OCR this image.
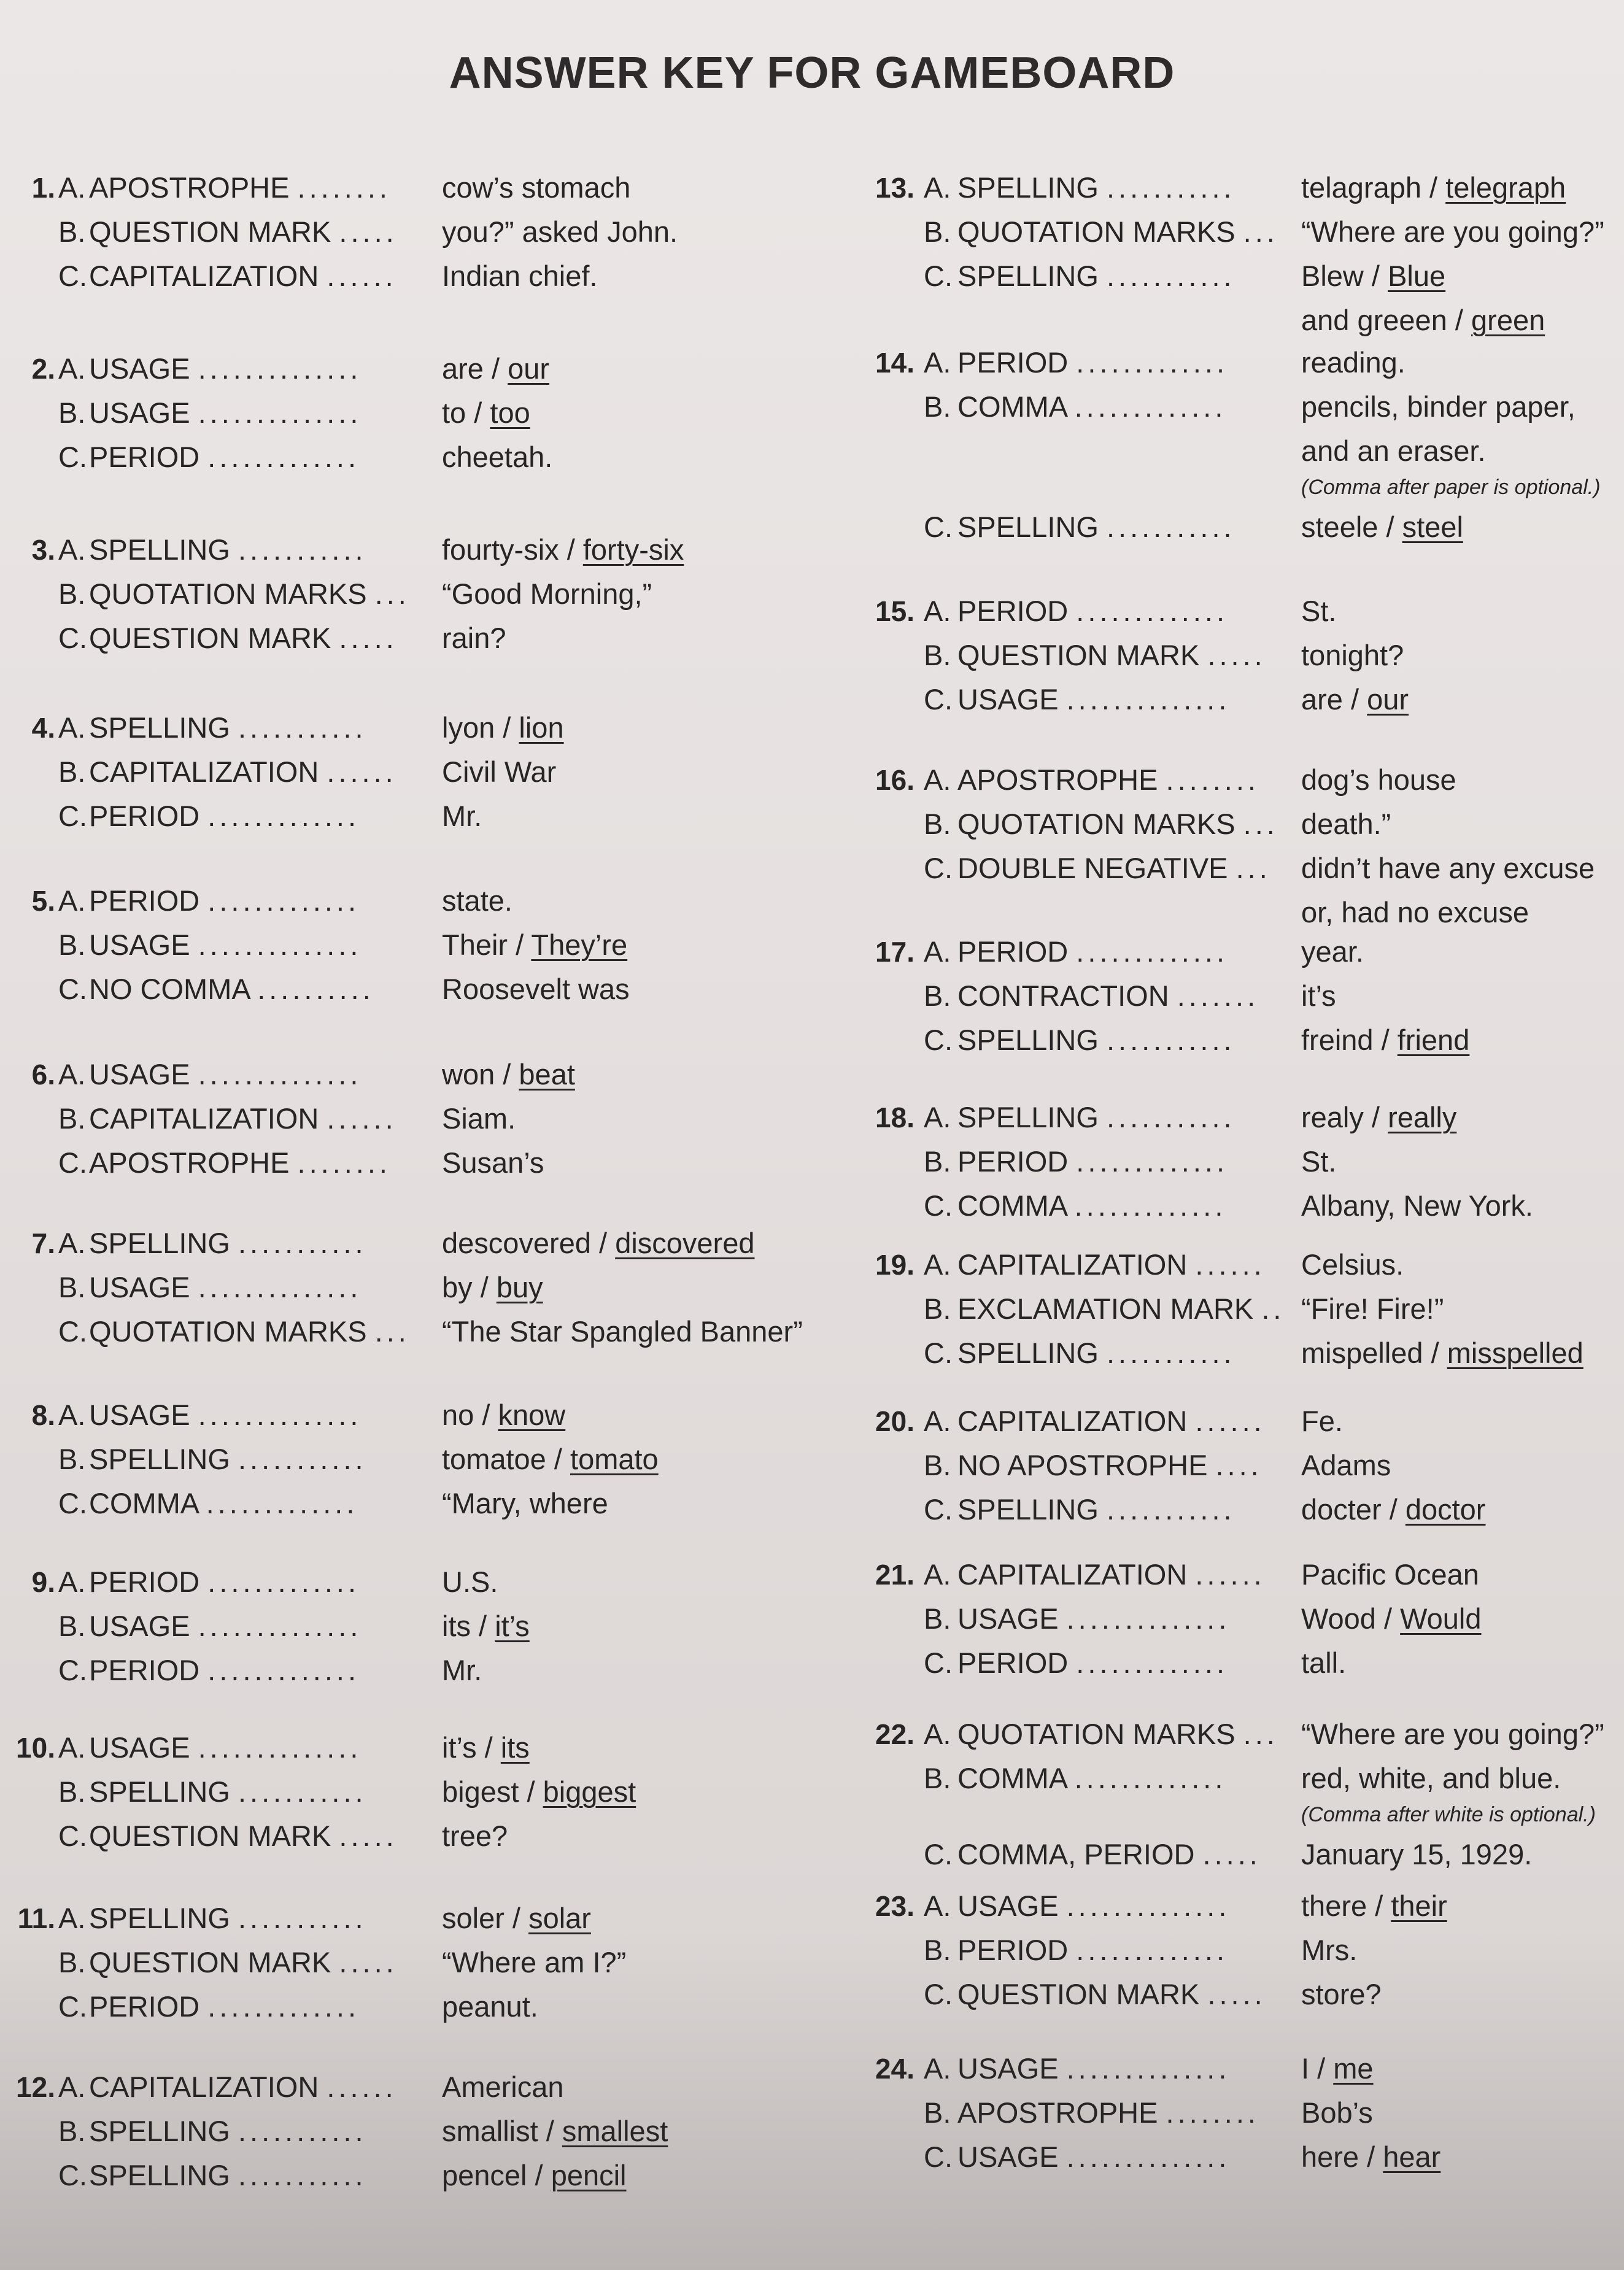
ANSWER KEY FOR GAMEBOARD
1. A. APOSTROPHE ........ cow’s stomach
B. QUESTION MARK ..... you?” asked John.
C. CAPITALIZATION ...... Indian chief.
2. A. USAGE ..............	are / our
B. USAGE ..............	to / too
C. PERIOD .............	cheetah.
3. A. SPELLING ...........	fourty-six / forty-six
B. QUOTATION MARKS ... “Good Morning,”
C. QUESTION MARK ..... rain?
4. A. SPELLING ...........	lyon / lion
B. CAPITALIZATION ...... Civil War
C. PERIOD .............	Mr.
5. A. PERIOD .............	state.
B. USAGE ..............	Their / They’re
C. NO COMMA .......... Roosevelt was
6. A. USAGE ..............	won / beat
B. CAPITALIZATION ...... Siam.
C. APOSTROPHE ........ Susan’s
7. A. SPELLING ...........	descovered / discovered
B. USAGE ..............	by / buy
C. QUOTATION MARKS ... “The Star Spangled Banner”
8. A. USAGE ..............	no / know
B. SPELLING ...........	tomatoe / tomato
C. COMMA .............	“Mary, where
9. A. PERIOD .............	U.S.
B. USAGE ..............	its / it’s
C. PERIOD .............	Mr.
10. A. USAGE ..............	it’s / its
B. SPELLING ...........	bigest / biggest
C. QUESTION MARK ..... tree?
11. A. SPELLING ...........	soler / solar
B. QUESTION MARK ..... “Where am I?”
C. PERIOD .............	peanut.
12. A. CAPITALIZATION ...... American
B. SPELLING ...........	smallist / smallest
C. SPELLING ...........	pencel / pencil
13. A. SPELLING ........... telagraph / telegraph
B. QUOTATION MARKS ... “Where are you going?”
C. SPELLING ........... Blew / Blue
and greeen / green
14. A. PERIOD .............	reading.
B. COMMA .............	pencils, binder paper,
and an eraser.
(Comma after paper is optional.)
C. SPELLING ........... steele / steel
15. A. PERIOD .............	St.
B. QUESTION MARK ..... tonight?
C. USAGE .............. are / our
16. A. APOSTROPHE ........ dog’s house
B. QUOTATION MARKS ... death.”
C. DOUBLE NEGATIVE ... didn’t have any excuse
or, had no excuse
17. A. PERIOD .............	year.
B. CONTRACTION ....... it’s
C. SPELLING ........... freind / friend
18. A. SPELLING ........... realy / really
B. PERIOD .............	St.
C. COMMA .............	Albany, New York.
19. A. CAPITALIZATION ...... Celsius.
B. EXCLAMATION MARK .. “Fire! Fire!”
C. SPELLING ........... mispelled / misspelled
20. A. CAPITALIZATION ...... Fe.
B. NO APOSTROPHE .... Adams
C. SPELLING ........... docter / doctor
21. A. CAPITALIZATION ...... Pacific Ocean
B. USAGE .............. Wood / Would
C. PERIOD .............	tall.
22. A. QUOTATION MARKS ... “Where are you going?”
B. COMMA .............	red, white, and blue.
(Comma after white is optional.)
C. COMMA, PERIOD ..... January 15, 1929.
23. A. USAGE .............. there / their
B. PERIOD .............	Mrs.
C. QUESTION MARK ..... store?
24. A. USAGE .............. I / me
B. APOSTROPHE ........ Bob’s
C. USAGE .............. here / hear
